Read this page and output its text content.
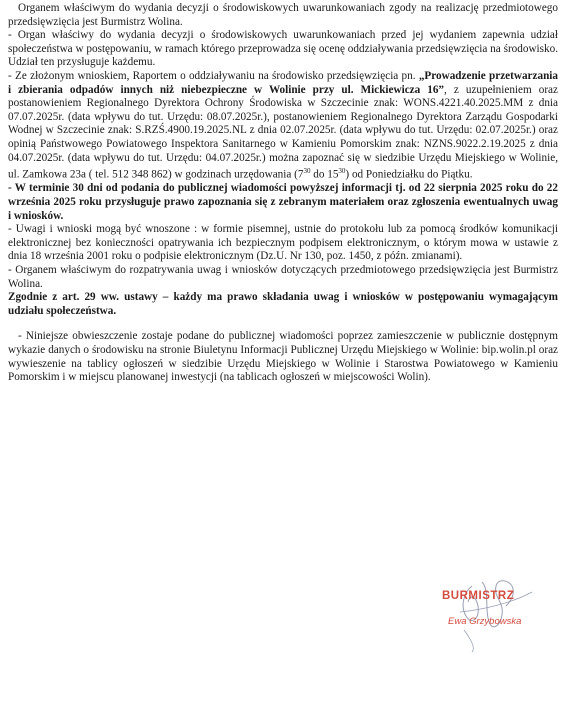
Organem właściwym do wydania decyzji o środowiskowych uwarunkowaniach zgody na realizację przedmiotowego przedsięwzięcia jest Burmistrz Wolina.

- Organ właściwy do wydania decyzji o środowiskowych uwarunkowaniach przed jej wydaniem zapewnia udział społeczeństwa w postępowaniu, w ramach którego przeprowadza się ocenę oddziaływania przedsięwzięcia na środowisko. Udział ten przysługuje każdemu.

- Ze złożonym wnioskiem, Raportem o oddziaływaniu na środowisko przedsięwzięcia pn. „Prowadzenie przetwarzania i zbierania odpadów innych niż niebezpieczne w Wolinie przy ul. Mickiewicza 16”, z uzupełnieniem oraz postanowieniem Regionalnego Dyrektora Ochrony Środowiska w Szczecinie znak: WONS.4221.40.2025.MM z dnia 07.07.2025r. (data wpływu do tut. Urzędu: 08.07.2025r.), postanowieniem Regionalnego Dyrektora Zarządu Gospodarki Wodnej w Szczecinie znak: S.RZŚ.4900.19.2025.NL z dnia 02.07.2025r. (data wpływu do tut. Urzędu: 02.07.2025r.) oraz opinią Państwowego Powiatowego Inspektora Sanitarnego w Kamieniu Pomorskim znak: NZNS.9022.2.19.2025 z dnia 04.07.2025r. (data wpływu do tut. Urzędu: 04.07.2025r.) można zapoznać się w siedzibie Urzędu Miejskiego w Wolinie, ul. Zamkowa 23a ( tel. 512 348 862) w godzinach urzędowania ($7^{30}$ do $15^{30}$) od Poniedziałku do Piątku.

- W terminie 30 dni od podania do publicznej wiadomości powyższej informacji tj. od 22 sierpnia 2025 roku do 22 września 2025 roku przysługuje prawo zapoznania się z zebranym materiałem oraz zgłoszenia ewentualnych uwag i wniosków.

- Uwagi i wnioski mogą być wnoszone : w formie pisemnej, ustnie do protokołu lub za pomocą środków komunikacji elektronicznej bez konieczności opatrywania ich bezpiecznym podpisem elektronicznym, o którym mowa w ustawie z dnia 18 września 2001 roku o podpisie elektronicznym (Dz.U. Nr 130, poz. 1450, z późn. zmianami).

- Organem właściwym do rozpatrywania uwag i wniosków dotyczących przedmiotowego przedsięwzięcia jest Burmistrz Wolina.

Zgodnie z art. 29 ww. ustawy – każdy ma prawo składania uwag i wniosków w postępowaniu wymagającym udziału społeczeństwa.

- Niniejsze obwieszczenie zostaje podane do publicznej wiadomości poprzez zamieszczenie w publicznie dostępnym wykazie danych o środowisku na stronie Biuletynu Informacji Publicznej Urzędu Miejskiego w Wolinie: bip.wolin.pl oraz wywieszenie na tablicy ogłoszeń w siedzibie Urzędu Miejskiego w Wolinie i Starostwa Powiatowego w Kamieniu Pomorskim i w miejscu planowanej inwestycji (na tablicach ogłoszeń w miejscowości Wolin).

BURMISTRZ
Ewa Grzybowska
